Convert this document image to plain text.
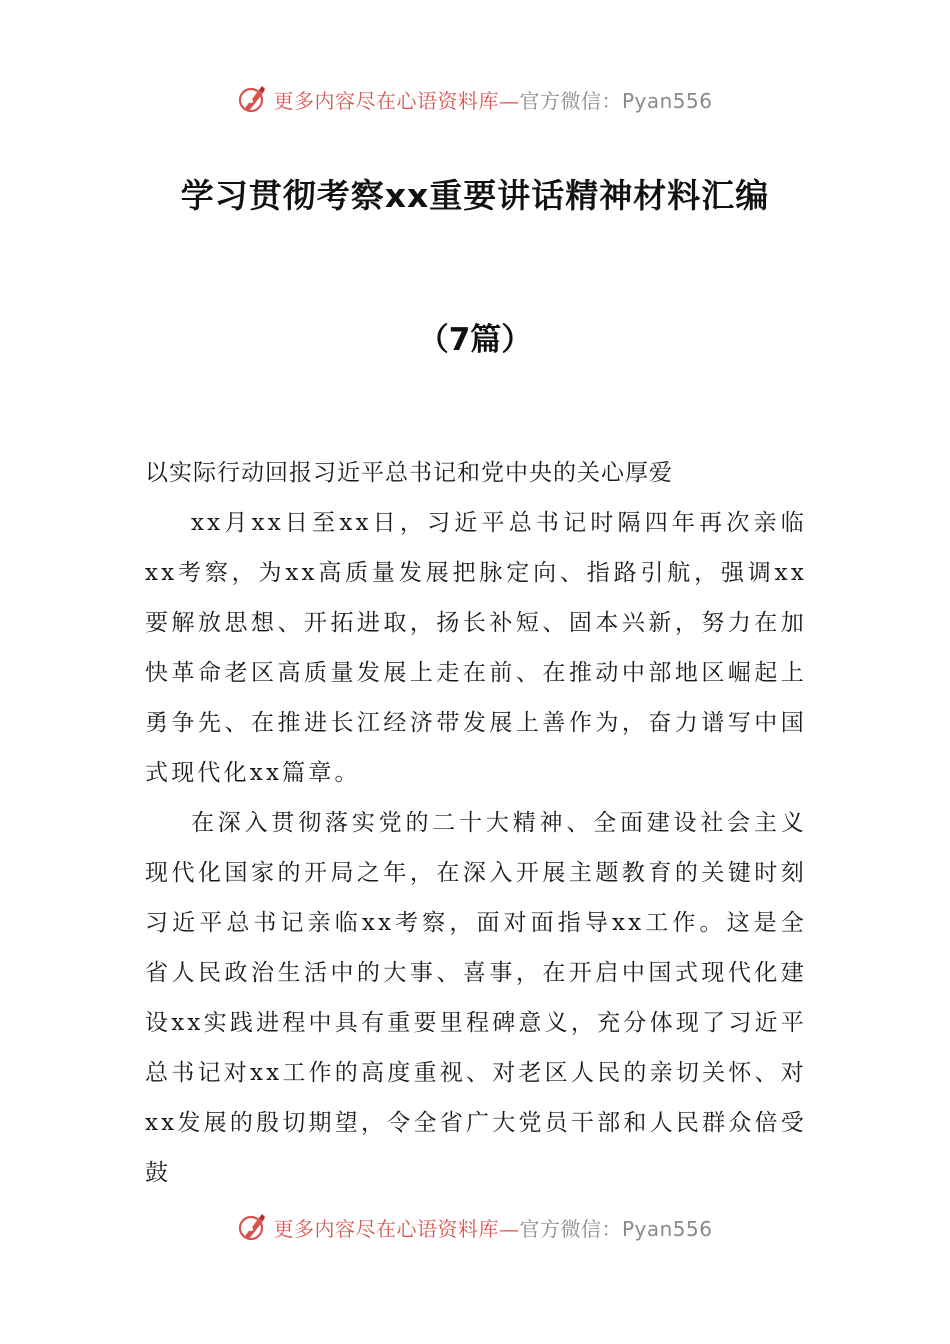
更多内容尽在心语资料库—官方微信：Pyan556
学习贯彻考察xx重要讲话精神材料汇编
（7篇）

以实际行动回报习近平总书记和党中央的关心厚爱

xx月xx日至xx日，习近平总书记时隔四年再次亲临xx考察，为xx高质量发展把脉定向、指路引航，强调xx要解放思想、开拓进取，扬长补短、固本兴新，努力在加快革命老区高质量发展上走在前、在推动中部地区崛起上勇争先、在推进长江经济带发展上善作为，奋力谱写中国式现代化xx篇章。

在深入贯彻落实党的二十大精神、全面建设社会主义现代化国家的开局之年，在深入开展主题教育的关键时刻习近平总书记亲临xx考察，面对面指导xx工作。这是全省人民政治生活中的大事、喜事，在开启中国式现代化建设xx实践进程中具有重要里程碑意义，充分体现了习近平总书记对xx工作的高度重视、对老区人民的亲切关怀、对xx发展的殷切期望，令全省广大党员干部和人民群众倍受鼓

更多内容尽在心语资料库—官方微信：Pyan556
